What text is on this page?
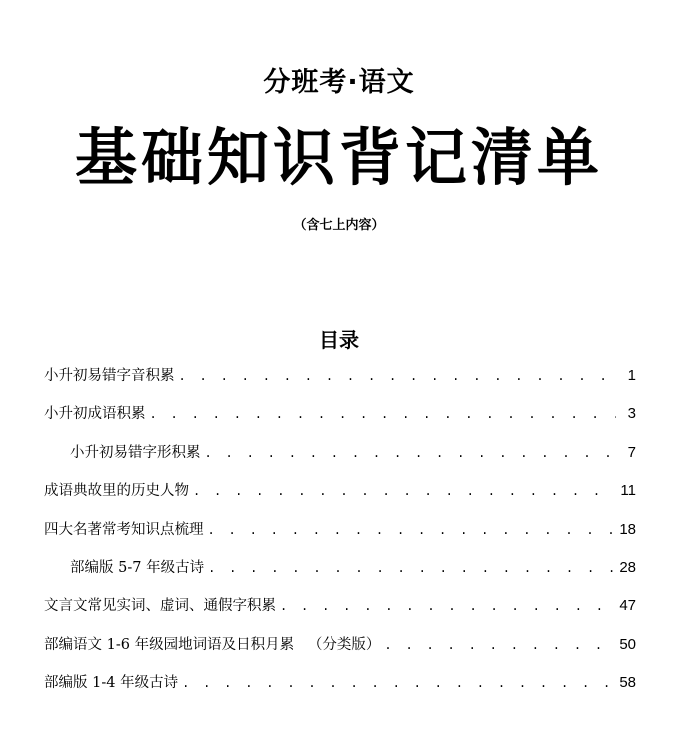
分班考·语文
基础知识背记清单
（含七上内容）
目录
小升初易错字音积累 . . .	1
小升初成语积累 . . .	3
小升初易错字形积累 . . .	7
成语典故里的历史人物 . . .	11
四大名著常考知识点梳理 . . .	18
部编版 5-7 年级古诗 . . .	28
文言文常见实词、虚词、通假字积累 . . .	47
部编语文 1-6 年级园地词语及日积月累   （分类版） . . .	50
部编版 1-4 年级古诗 . . .	58
